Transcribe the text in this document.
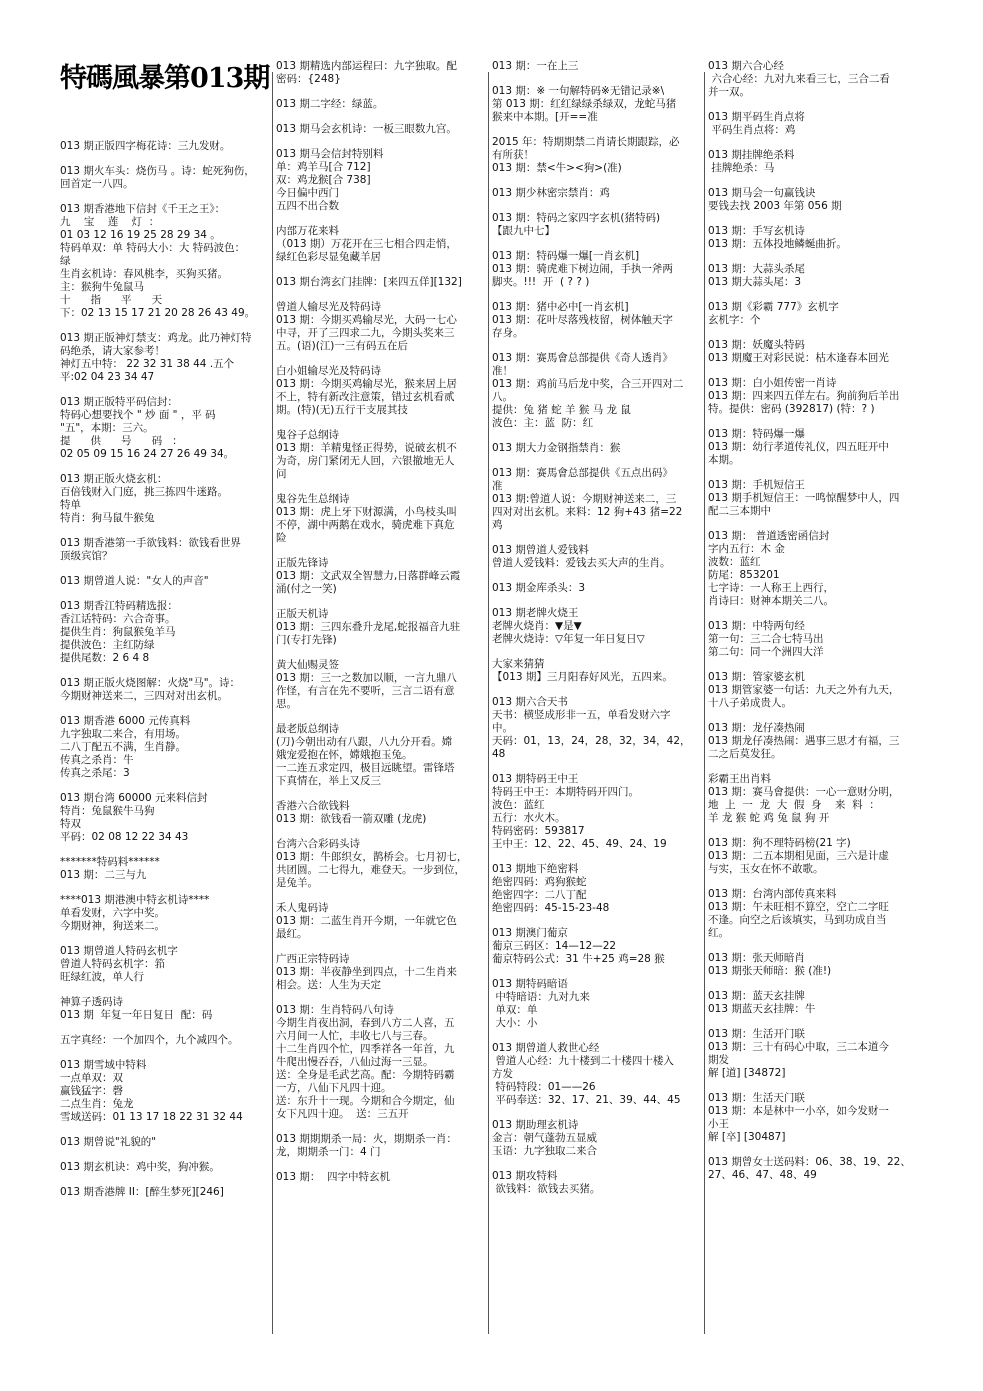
特碼風暴第013期
013 期正版四字梅花诗：三九发财。
013 期火车头：烧伤马 。诗：蛇死狗伤，
回首定一八四。
013 期香港地下信封《千王之王》：
九    宝    莲    灯  ：
01 03 12 16 19 25 28 29 34 。
特码单双：单 特码大小：大 特码波色：
绿
生肖玄机诗：春风桃李，买狗买猪。
主：猴狗牛兔鼠马
十      指      平      天
下：02 13 15 17 21 20 28 26 43 49。
013 期正版神灯禁支：鸡龙。此乃神灯特
码绝杀，请大家参考！
神灯五中特： 22 32 31 38 44 .五个
平:02 04 23 34 47
013 期正版特平码信封：
特码心想要找个 " 炒 面 " ，平 码
"五"，本期：三六。
提      供      号      码   ：
02 05 09 15 16 24 27 26 49 34。
013 期正版火烧玄机：
百倍钱财入门庭，挑三拣四牛迷路。
特单
特肖：狗马鼠牛猴兔
013 期香港第一手欲钱料：欲钱看世界
顶级宾馆？
013 期曾道人说："女人的声音"
013 期香江特码精选报：
香江话特码：六合奇事。
提供生肖：狗鼠猴兔羊马
提供波色：主红防绿
提供尾数：2 6 4 8
013 期正版火烧图解：火烧"马"。诗：
今期财神送来二，三四对对出玄机。
013 期香港 6000 元传真料
九字独取二来合，有用场。
二八丁配五不满，生肖静。
传真之杀肖：牛
传真之杀尾：3
013 期台湾 60000 元来料信封
特肖：兔鼠猴牛马狗
特双
平码：02 08 12 22 34 43
*******特码料******
013 期：二三与九
****013 期港澳中特玄机诗****
单看发财，六字中奖。
今期财神，狗送来二。
013 期曾道人特码玄机字
曾道人特码玄机字：筘
旺绿红波，单人行
神算子透码诗
013 期  年复一年日复日  配：码
五字真经：一个加四个，九个减四个。
013 期雪域中特料
一点单双：双
赢钱猛字：磬
二点生肖：兔龙
雪域送码：01 13 17 18 22 31 32 44
013 期曾说"礼貌的"
013 期玄机诀：鸡中奖，狗冲猴。
013 期香港牌 II：[醉生梦死][246]
013 期精选内部运程曰：九字独取。配
密码：{248}
013 期二字经：绿蓝。
013 期马会玄机诗：一板三眼数九宫。
013 期马会信封特别料
单：鸡羊马[合 712]
双：鸡龙猴[合 738]
今日偏中西门
五四不出合数
内部万花来料
（013 期）万花开在三七相合四走悄，
绿红色彩尽显兔藏羊居
013 期台湾玄门挂牌：[来四五佯][132]
曾道人输尽光及特码诗
013 期：今期买鸡输尽光，大码一七心
中寻，开了三四求二九，今期头奖来三
五。(语)(江)一三有码五在后
白小姐输尽光及特码诗
013 期：今期买鸡输尽光，猴来居上居
不上，特有新改注意策，错过玄机看贰
期。(特)(无)五行干支展其技
鬼谷子总纲诗
013 期：羊精鬼怪正得势，说破玄机不
为奇，房门紧闭无人回，六银撤地无人
问
鬼谷先生总纲诗
013 期：虎上牙下财源满，小鸟枝头叫
不停，湖中两鹅在戏水，骑虎难下真危
险
正版先锋诗
013 期：文武双全智慧力,日落群峰云霞
涌(付之一笑)
正版天机诗
013 期：三四东叠升龙尾,蛇报福音九驻
门(专打先锋)
黄大仙赐灵签
013 期：三一之数加以顺，一言九鼎八
作怪，有言在先不要听，三言二语有意
思。
最老版总纲诗
(刀)今朝出动有八跟，八九分开看。嫦
娥宠爱抱在怀，嫦娥抱玉兔。
一二连五求定四，极目远眺望。雷锋塔
下真情在，举上又反三
香港六合欲钱料
013 期：欲钱看一箭双雕 (龙虎)
台湾六合彩码头诗
013 期：牛郎织女，鹊桥会。七月初七，
共团圆。二七得九，难登天。一步到位，
是兔羊。
禾人鬼码诗
013 期：二蓝生肖开今期，一年就它色
最红。
广西正宗特码诗
013 期：半夜静坐到四点，十二生肖来
相会。送：人生为天定
013 期：生肖特码八句诗
今期生肖夜出洞，春到八方二人喜，五
六月间一人忙，丰收七八与三春。
十二生肖四个忙，四季祥各一年首，九
牛爬出慢吞吞，八仙过海一三显。
送：全身是毛武艺高。配：今期特码霸
一方，八仙下凡四十迎。
送：东升十一现。今期和合今期定，仙
女下凡四十迎。  送：三五开
013 期期期杀一局：火，期期杀一肖：
龙，期期杀一门：4 门
013 期：  四字中特玄机
013 期：一在上三
013 期：※ 一句解特码※无错记录※\
第 013 期：红红绿绿杀绿双，龙蛇马猪
猴来中本期。[开==准
2015 年：特期期禁二肖请长期跟踪，必
有所获！
013 期：禁<牛><狗>(准)
013 期少林密宗禁肖：鸡
013 期：特码之家四字玄机(猪特码)
【跟九中七】
013 期：特码爆一爆[一肖玄机]
013 期：骑虎难下树边闹，手执一斧两
脚夹。!!!  开  ( ? ? )
013 期：猪中必中[一肖玄机]
013 期：花叶尽落残枝留，树体触天字
存身。
013 期：赛馬會总部提供《奇人透肖》
准！
013 期：鸡前马后龙中奖，合三开四对二
八。
提供：兔 猪 蛇 羊 猴 马 龙 鼠
波色：主：蓝  防：红
013 期大力金钢指禁肖：猴
013 期：赛馬會总部提供《五点出码》
准
013 期:曾道人说：今期财神送来二，三
四对对出玄机。来料：12 狗+43 猪=22
鸡
013 期曾道人爱钱料
曾道人爱钱料：爱钱去买大声的生肖。
013 期金库杀头：3
013 期老牌火烧王
老牌火烧肖：▼是▼
老牌火烧诗：▽年复一年日复日▽
大家来猜猜
【013 期】三月阳春好风光，五四来。
013 期六合天书
天书：横竖成形非一五，单看发财六字
中。
天码：01，13，24，28，32，34，42，
48
013 期特码王中王
特码王中王：本期特码开四门。
波色：蓝红
五行：水火木。
特码密码：593817
王中王：12、22、45、49、24、19
013 期地下绝密料
绝密四码：鸡狗猴蛇
绝密四字：二八丁配
绝密四码：45-15-23-48
013 期澳门葡京
葡京三码区：14—12—22
葡京特码公式：31 牛+25 鸡=28 猴
013 期特码暗语
中特暗语：九对九来
单双：单
大小：小
013 期曾道人救世心经
曾道人心经：九十楼到二十楼四十楼入
方发
特码特段：01——26
平码奉送：32、17、21、39、44、45
013 期助理玄机诗
金言：朝气蓬勃五显威
玉语：九字独取二来合
013 期攻特料
欲钱料：欲钱去买猪。
013 期六合心经
六合心经：九对九来看三七，三合二看
并一双。
013 期平码生肖点将
平码生肖点将：鸡
013 期挂牌绝杀料
挂牌绝杀：马
013 期马会一句赢钱诀
要钱去找 2003 年第 056 期
013 期：手写玄机诗
013 期：五体投地鳞蜒曲折。
013 期：大蒜头杀尾
013 期大蒜头尾：3
013 期《彩霸 777》玄机字
玄机字：个
013 期：妖魔头特码
013 期魔王对彩民说：枯木逢春本回光
013 期：白小姐传密一肖诗
013 期：四来四五佯左右。狗前狗后羊出
特。提供：密码 (392817) (特：? )
013 期：特码爆一爆
013 期：幼行孝道传礼仪，四五旺开中
本期。
013 期：手机短信王
013 期手机短信王：一鸣惊醒梦中人，四
配二三本期中
013 期： 普道透密函信封
字内五行：木 金
波数：蓝红
防尾：853201
七字诗：一人称王上西行，
肖诗曰：财神本期关二八。
013 期：中特两句经
第一句：三二合七特马出
第二句：同一个洲四大洋
013 期：管家婆玄机
013 期管家婆一句话：九天之外有九天，
十八子弟成贵人。
013 期：龙仔凑热闹
013 期龙仔凑热闹：遇事三思才有福，三
二之后莫发狂。
彩霸王出肖料
013 期：赛马會提供：一心一意财分明，
地  上  一  龙  大  假  身    来  料  ：
羊 龙 猴 蛇 鸡 兔 鼠 狗 开
013 期：狗不理特码榜(21 字)
013 期：二五本期相见面，三六是计虚
与实，玉女在怀不敢歌。
013 期：台湾内部传真来料
013 期：午未旺相不算空，空亡二字旺
不逢。向空之后该填实，马到功成自当
红。
013 期：张天师暗肖
013 期张天师暗：猴 (准!)
013 期：蓝天玄挂牌
013 期蓝天玄挂牌：牛
013 期：生活开门联
013 期：三十有码心中取，三二本道今
期发
解 [道] [34872]
013 期：生活天门联
013 期：本是林中一小卒，如今发财一
小王
解 [卒] [30487]
013 期曾女士送码料：06、38、19、22、
27、46、47、48、49
